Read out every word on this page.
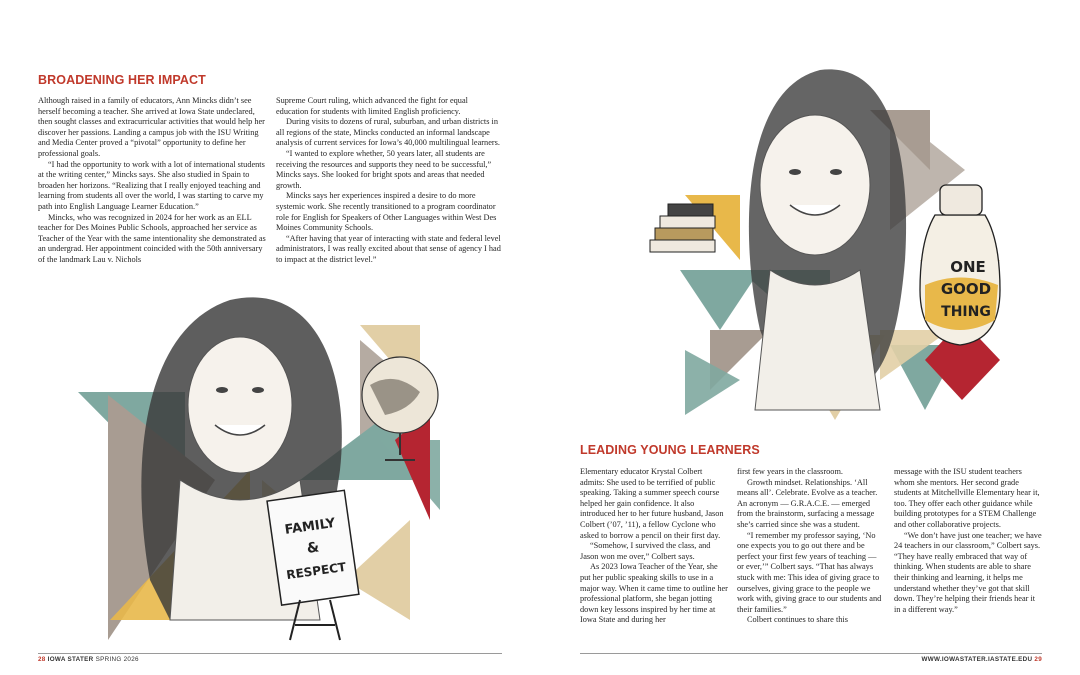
FAMILY
&
RESPECT
ONE
GOOD
THING
BROADENING HER IMPACT

Although raised in a family of educators, Ann Mincks didn’t see herself becoming a teacher. She arrived at Iowa State undeclared, then sought classes and extracurricular activities that would help her discover her passions. Landing a campus job with the ISU Writing and Media Center proved a “pivotal” opportunity to define her professional goals.

“I had the opportunity to work with a lot of international students at the writing center,” Mincks says. She also studied in Spain to broaden her horizons. “Realizing that I really enjoyed teaching and learning from students all over the world, I was starting to carve my path into English Language Learner Education.”

Mincks, who was recognized in 2024 for her work as an ELL teacher for Des Moines Public Schools, approached her service as Teacher of the Year with the same intentionality she demonstrated as an undergrad. Her appointment coincided with the 50th anniversary of the landmark Lau v. Nichols

Supreme Court ruling, which advanced the fight for equal education for students with limited English proficiency.

During visits to dozens of rural, suburban, and urban districts in all regions of the state, Mincks conducted an informal landscape analysis of current services for Iowa’s 40,000 multilingual learners.

“I wanted to explore whether, 50 years later, all students are receiving the resources and supports they need to be successful,” Mincks says. She looked for bright spots and areas that needed growth.

Mincks says her experiences inspired a desire to do more systemic work. She recently transitioned to a program coordinator role for English for Speakers of Other Languages within West Des Moines Community Schools.

“After having that year of interacting with state and federal level administrators, I was really excited about that sense of agency I had to impact at the district level.”

LEADING YOUNG LEARNERS

Elementary educator Krystal Colbert admits: She used to be terrified of public speaking. Taking a summer speech course helped her gain confidence. It also introduced her to her future husband, Jason Colbert (’07, ’11), a fellow Cyclone who asked to borrow a pencil on their first day.

“Somehow, I survived the class, and Jason won me over,” Colbert says.

As 2023 Iowa Teacher of the Year, she put her public speaking skills to use in a major way. When it came time to outline her professional platform, she began jotting down key lessons inspired by her time at Iowa State and during her

first few years in the classroom.

Growth mindset. Relationships. ‘All means all’. Celebrate. Evolve as a teacher. An acronym — G.R.A.C.E. — emerged from the brainstorm, surfacing a message she’s carried since she was a student.

“I remember my professor saying, ‘No one expects you to go out there and be perfect your first few years of teaching — or ever,’” Colbert says. “That has always stuck with me: This idea of giving grace to ourselves, giving grace to the people we work with, giving grace to our students and their families.”

Colbert continues to share this

message with the ISU student teachers whom she mentors. Her second grade students at Mitchellville Elementary hear it, too. They offer each other guidance while building prototypes for a STEM Challenge and other collaborative projects.

“We don’t have just one teacher; we have 24 teachers in our classroom,” Colbert says. “They have really embraced that way of thinking. When students are able to share their thinking and learning, it helps me understand whether they’ve got that skill down. They’re helping their friends hear it in a different way.”

28 IOWA STATER SPRING 2026	WWW.IOWASTATER.IASTATE.EDU 29
